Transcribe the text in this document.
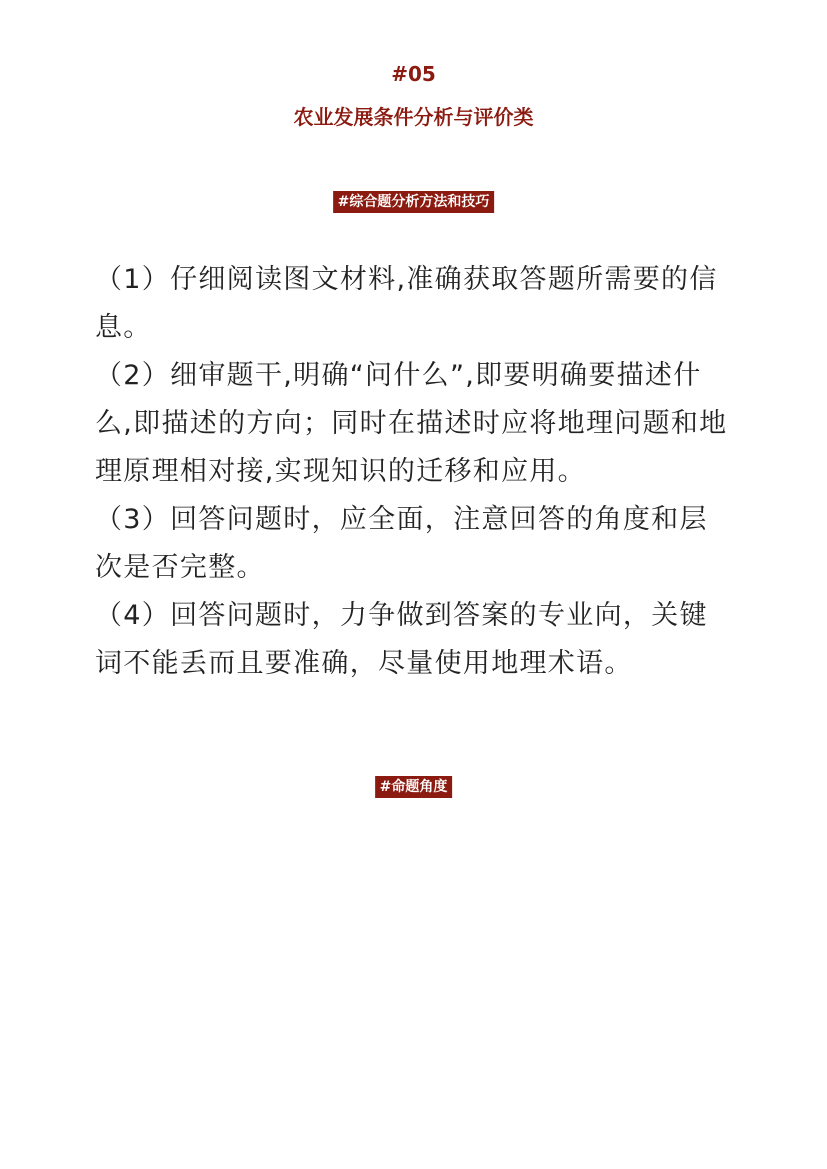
#05
农业发展条件分析与评价类
#综合题分析方法和技巧

（1）仔细阅读图文材料,准确获取答题所需要的信息。

（2）细审题干,明确“问什么”,即要明确要描述什么,即描述的方向；同时在描述时应将地理问题和地理原理相对接,实现知识的迁移和应用。

（3）回答问题时，应全面，注意回答的角度和层次是否完整。

（4）回答问题时，力争做到答案的专业向，关键词不能丢而且要准确，尽量使用地理术语。

#命题角度
